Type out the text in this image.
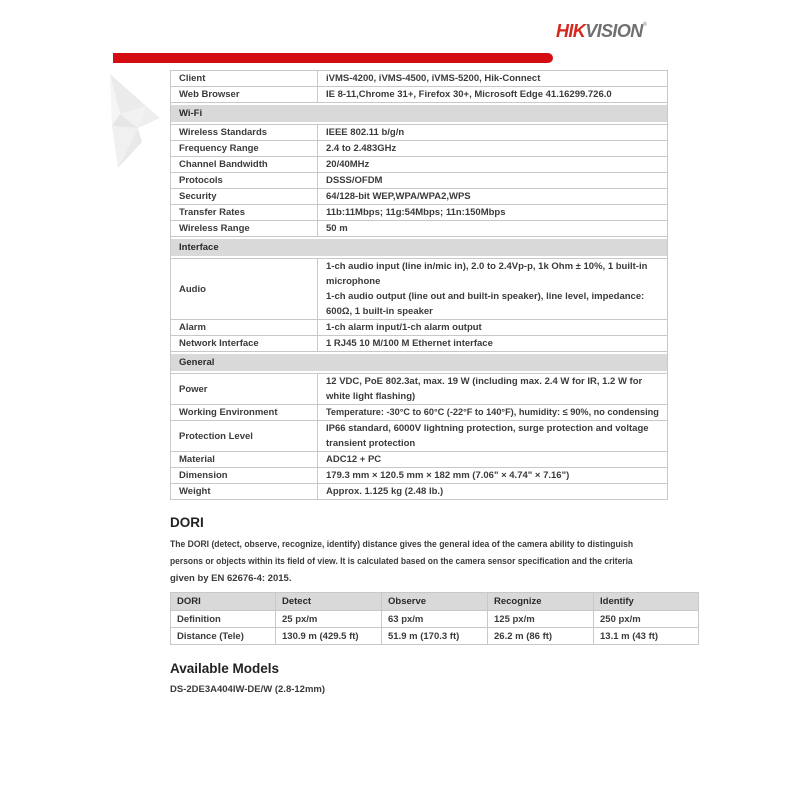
HIKVISION®
Client	iVMS-4200, iVMS-4500, iVMS-5200, Hik-Connect

Web Browser	IE 8-11,Chrome 31+, Firefox 30+, Microsoft Edge 41.16299.726.0

Wi-Fi	

Wireless Standards	IEEE 802.11 b/g/n

Frequency Range	2.4 to 2.483GHz

Channel Bandwidth	20/40MHz

Protocols	DSSS/OFDM

Security	64/128-bit WEP,WPA/WPA2,WPS

Transfer Rates	11b:11Mbps; 11g:54Mbps; 11n:150Mbps

Wireless Range	50 m

Interface	

Audio	1-ch audio input (line in/mic in), 2.0 to 2.4Vp-p, 1k Ohm ± 10%, 1 built-in microphone
1-ch audio output (line out and built-in speaker), line level, impedance: 600Ω, 1 built-in speaker

Alarm	1-ch alarm input/1-ch alarm output

Network Interface	1 RJ45 10 M/100 M Ethernet interface

General	

Power	12 VDC, PoE 802.3at, max. 19 W (including max. 2.4 W for IR, 1.2 W for white light flashing)

Working Environment	Temperature: -30°C to 60°C (-22°F to 140°F), humidity: ≤ 90%, no condensing

Protection Level	IP66 standard, 6000V lightning protection, surge protection and voltage transient protection

Material	ADC12 + PC

Dimension	179.3 mm × 120.5 mm × 182 mm (7.06" × 4.74" × 7.16")

Weight	Approx. 1.125 kg (2.48 lb.)
DORI
The DORI (detect, observe, recognize, identify) distance gives the general idea of the camera ability to distinguish
persons or objects within its field of view. It is calculated based on the camera sensor specification and the criteria
given by EN 62676-4: 2015.
DORI	Detect	Observe	Recognize	Identify

Definition	25 px/m	63 px/m	125 px/m	250 px/m

Distance (Tele)	130.9 m (429.5 ft)	51.9 m (170.3 ft)	26.2 m (86 ft)	13.1 m (43 ft)
Available Models
DS-2DE3A404IW-DE/W (2.8-12mm)
